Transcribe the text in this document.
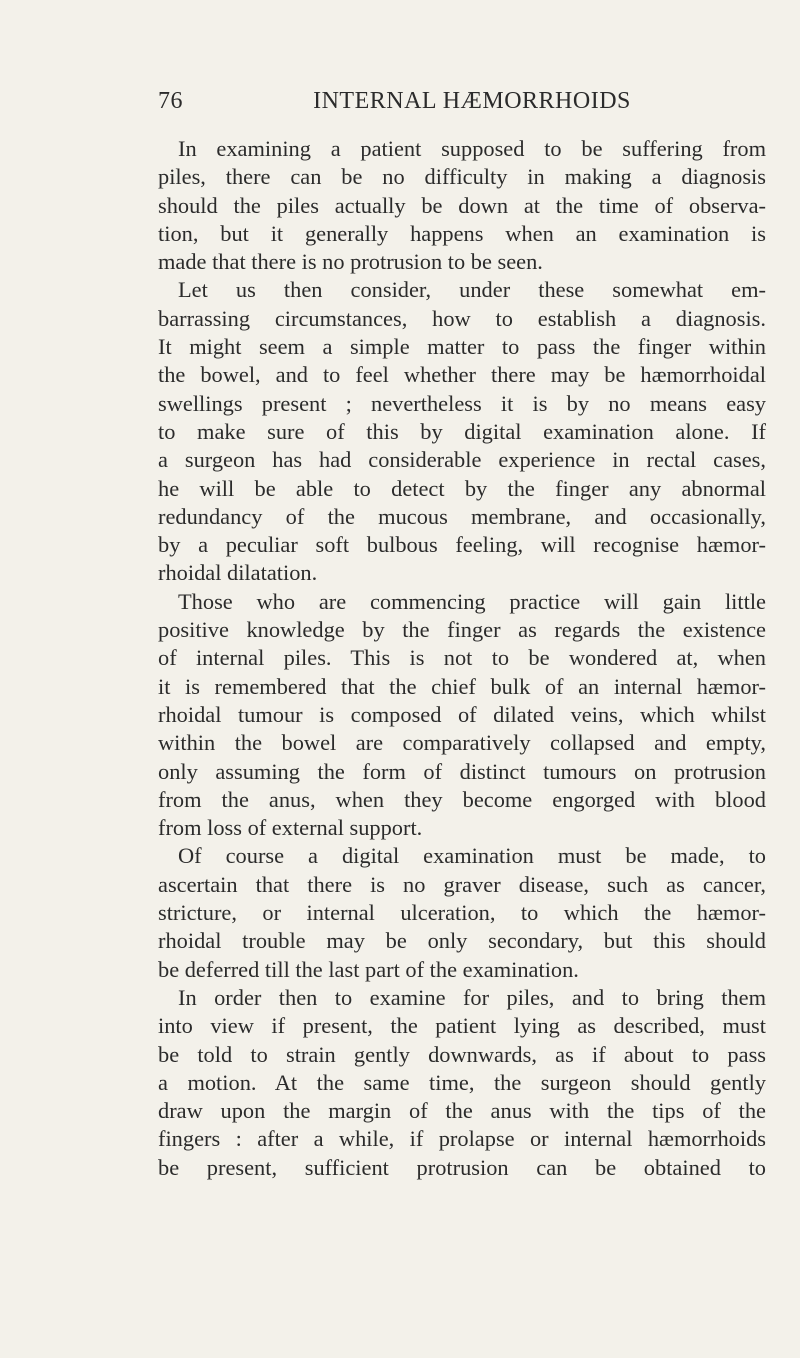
76	INTERNAL HÆMORRHOIDS
In examining a patient supposed to be suffering from
piles, there can be no difficulty in making a diagnosis
should the piles actually be down at the time of observa-
tion, but it generally happens when an examination is
made that there is no protrusion to be seen.
Let us then consider, under these somewhat em-
barrassing circumstances, how to establish a diagnosis.
It might seem a simple matter to pass the finger within
the bowel, and to feel whether there may be hæmorrhoidal
swellings present ; nevertheless it is by no means easy
to make sure of this by digital examination alone. If
a surgeon has had considerable experience in rectal cases,
he will be able to detect by the finger any abnormal
redundancy of the mucous membrane, and occasionally,
by a peculiar soft bulbous feeling, will recognise hæmor-
rhoidal dilatation.
Those who are commencing practice will gain little
positive knowledge by the finger as regards the existence
of internal piles. This is not to be wondered at, when
it is remembered that the chief bulk of an internal hæmor-
rhoidal tumour is composed of dilated veins, which whilst
within the bowel are comparatively collapsed and empty,
only assuming the form of distinct tumours on protrusion
from the anus, when they become engorged with blood
from loss of external support.
Of course a digital examination must be made, to
ascertain that there is no graver disease, such as cancer,
stricture, or internal ulceration, to which the hæmor-
rhoidal trouble may be only secondary, but this should
be deferred till the last part of the examination.
In order then to examine for piles, and to bring them
into view if present, the patient lying as described, must
be told to strain gently downwards, as if about to pass
a motion. At the same time, the surgeon should gently
draw upon the margin of the anus with the tips of the
fingers : after a while, if prolapse or internal hæmorrhoids
be present, sufficient protrusion can be obtained to
